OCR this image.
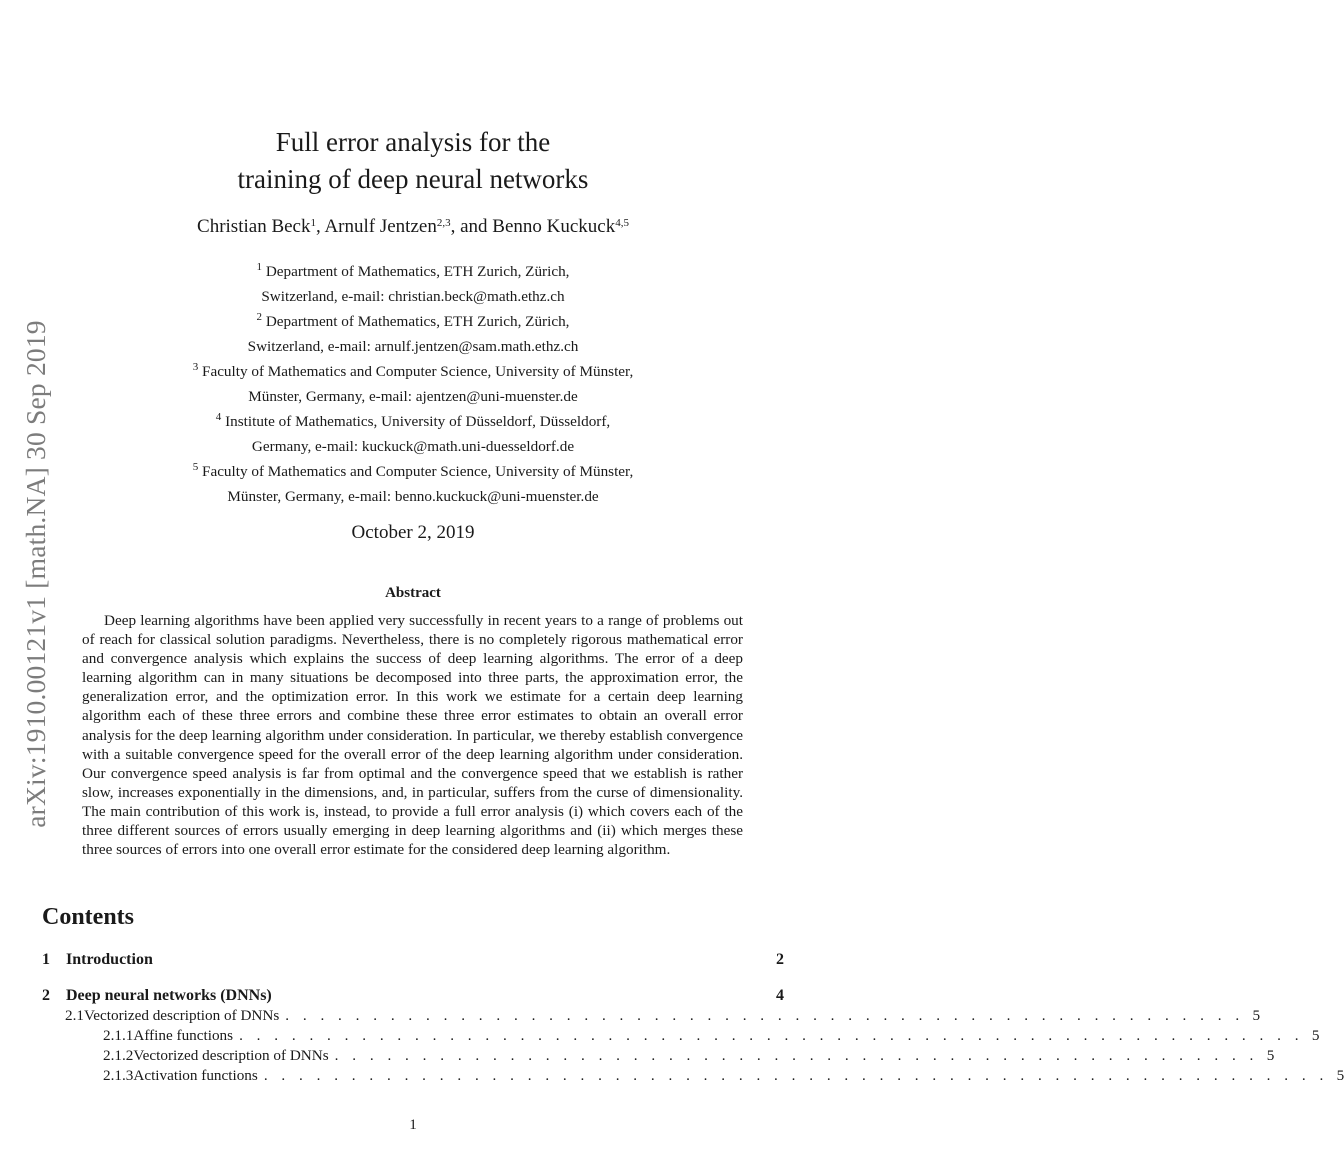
arXiv:1910.00121v1 [math.NA] 30 Sep 2019
Full error analysis for the
training of deep neural networks
Christian Beck$^1$, Arnulf Jentzen$^{2,3}$, and Benno Kuckuck$^{4,5}$
$^1$ Department of Mathematics, ETH Zurich, Zürich,
Switzerland, e-mail: christian.beck@math.ethz.ch
$^2$ Department of Mathematics, ETH Zurich, Zürich,
Switzerland, e-mail: arnulf.jentzen@sam.math.ethz.ch
$^3$ Faculty of Mathematics and Computer Science, University of Münster,
Münster, Germany, e-mail: ajentzen@uni-muenster.de
$^4$ Institute of Mathematics, University of Düsseldorf, Düsseldorf,
Germany, e-mail: kuckuck@math.uni-duesseldorf.de
$^5$ Faculty of Mathematics and Computer Science, University of Münster,
Münster, Germany, e-mail: benno.kuckuck@uni-muenster.de
October 2, 2019
Abstract

Deep learning algorithms have been applied very successfully in recent years to a range of problems out of reach for classical solution paradigms. Nevertheless, there is no completely rigorous mathematical error and convergence analysis which explains the success of deep learning algorithms. The error of a deep learning algorithm can in many situations be decomposed into three parts, the approximation error, the generalization error, and the optimization error. In this work we estimate for a certain deep learning algorithm each of these three errors and combine these three error estimates to obtain an overall error analysis for the deep learning algorithm under consideration. In particular, we thereby establish convergence with a suitable convergence speed for the overall error of the deep learning algorithm under consideration. Our convergence speed analysis is far from optimal and the convergence speed that we establish is rather slow, increases exponentially in the dimensions, and, in particular, suffers from the curse of dimensionality. The main contribution of this work is, instead, to provide a full error analysis (i) which covers each of the three different sources of errors usually emerging in deep learning algorithms and (ii) which merges these three sources of errors into one overall error estimate for the considered deep learning algorithm.

Contents
1	Introduction	2
2	Deep neural networks (DNNs)	4
2.1 Vectorized description of DNNs . . . . . . . . . . . . . . . . . . . . . . . . . . . . . . . . . . . . . . . . . . . . . . . . . . . . . . . 5
2.1.1 Affine functions . . . . . . . . . . . . . . . . . . . . . . . . . . . . . . . . . . . . . . . . . . . . . . . . . . . . . . . . . . . . . 5
2.1.2 Vectorized description of DNNs . . . . . . . . . . . . . . . . . . . . . . . . . . . . . . . . . . . . . . . . . . . . . . . . . . . . . 5
2.1.3 Activation functions . . . . . . . . . . . . . . . . . . . . . . . . . . . . . . . . . . . . . . . . . . . . . . . . . . . . . . . . . . . . . 5
1
